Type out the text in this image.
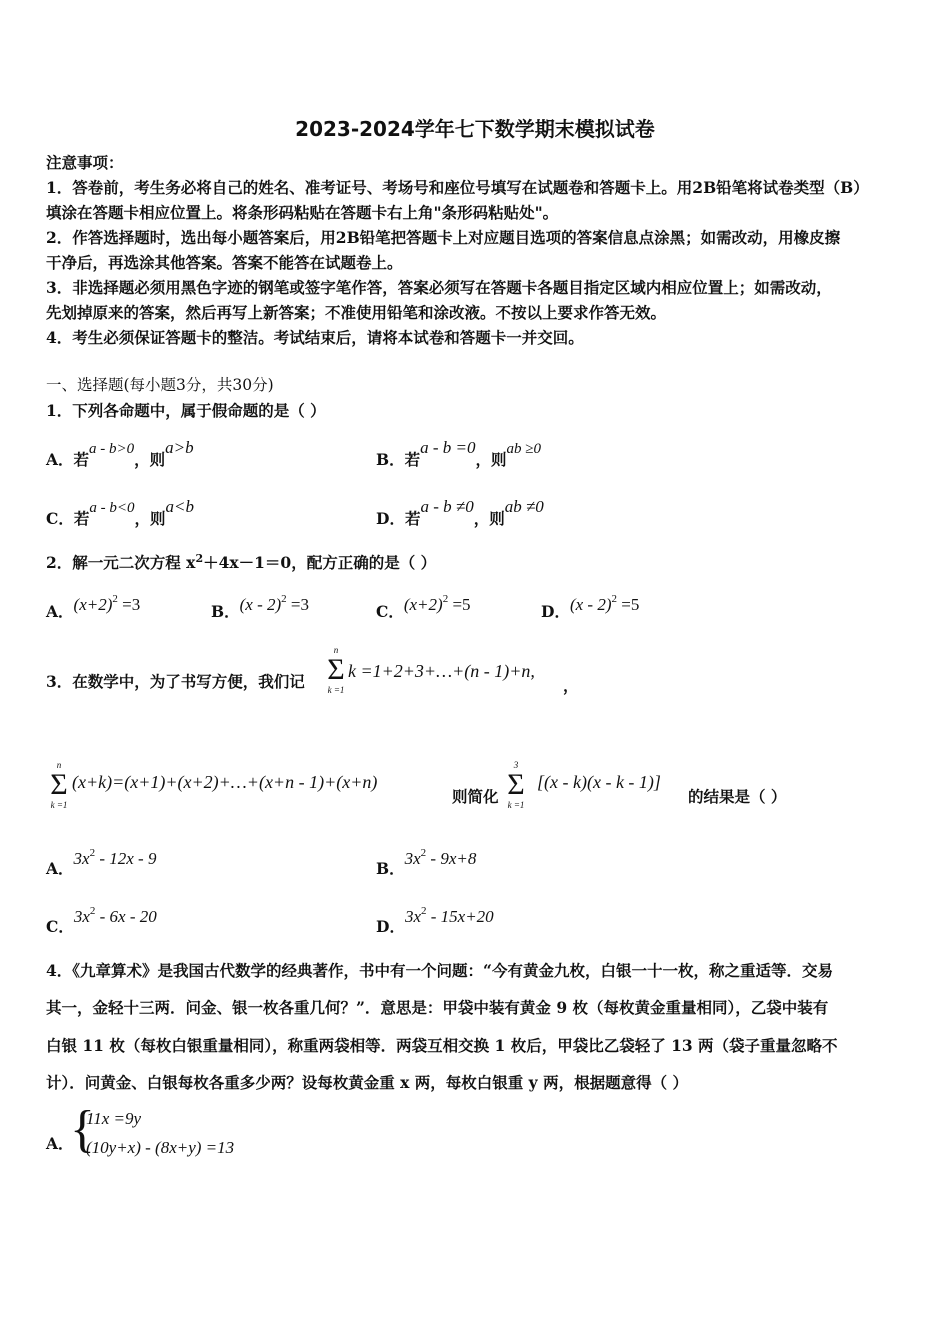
2023-2024学年七下数学期末模拟试卷
注意事项：
1．答卷前，考生务必将自己的姓名、准考证号、考场号和座位号填写在试题卷和答题卡上。用2B铅笔将试卷类型（B）
填涂在答题卡相应位置上。将条形码粘贴在答题卡右上角"条形码粘贴处"。
2．作答选择题时，选出每小题答案后，用2B铅笔把答题卡上对应题目选项的答案信息点涂黑；如需改动，用橡皮擦
干净后，再选涂其他答案。答案不能答在试题卷上。
3．非选择题必须用黑色字迹的钢笔或签字笔作答，答案必须写在答题卡各题目指定区域内相应位置上；如需改动，
先划掉原来的答案，然后再写上新答案；不准使用铅笔和涂改液。不按以上要求作答无效。
4．考生必须保证答题卡的整洁。考试结束后，请将本试卷和答题卡一并交回。
一、选择题(每小题3分，共30分)
1．下列各命题中，属于假命题的是（ ）
A．若a - b>0，则a>b
B．若a - b =0，则ab ≥0
C．若a - b<0，则a<b
D．若a - b ≠0，则ab ≠0
2．解一元二次方程 $x^2+4x-1=0$，配方正确的是（ ）
A．$(x+2)^2 =3$	B．(x - 2)$^2$ =3	C．$(x+2)^2 =5$	D．(x - 2)$^2$ =5
3．在数学中，为了书写方便，我们记
n
Σ
k =1
k =1+2+3+…+(n - 1)+n,
，
n
Σ
k =1
(x+k)=(x+1)+(x+2)+…+(x+n - 1)+(x+n)
则简化
3
Σ
k =1
[(x - k)(x - k - 1)]
的结果是（ ）
A．$3x^2 - 12x - 9$
B．$3x^2 - 9x+8$
C．$3x^2 - 6x - 20$
D．$3x^2 - 15x+20$
4．《九章算术》是我国古代数学的经典著作，书中有一个问题：“今有黄金九枚，白银一十一枚，称之重适等．交易
其一，金轻十三两．问金、银一枚各重几何？”．意思是：甲袋中装有黄金 9 枚（每枚黄金重量相同），乙袋中装有
白银 11 枚（每枚白银重量相同），称重两袋相等．两袋互相交换 1 枚后，甲袋比乙袋轻了 13 两（袋子重量忽略不
计）．问黄金、白银每枚各重多少两？设每枚黄金重 x 两，每枚白银重 y 两，根据题意得（ ）
A．
{
11x =9y
(10y+x) - (8x+y) =13
